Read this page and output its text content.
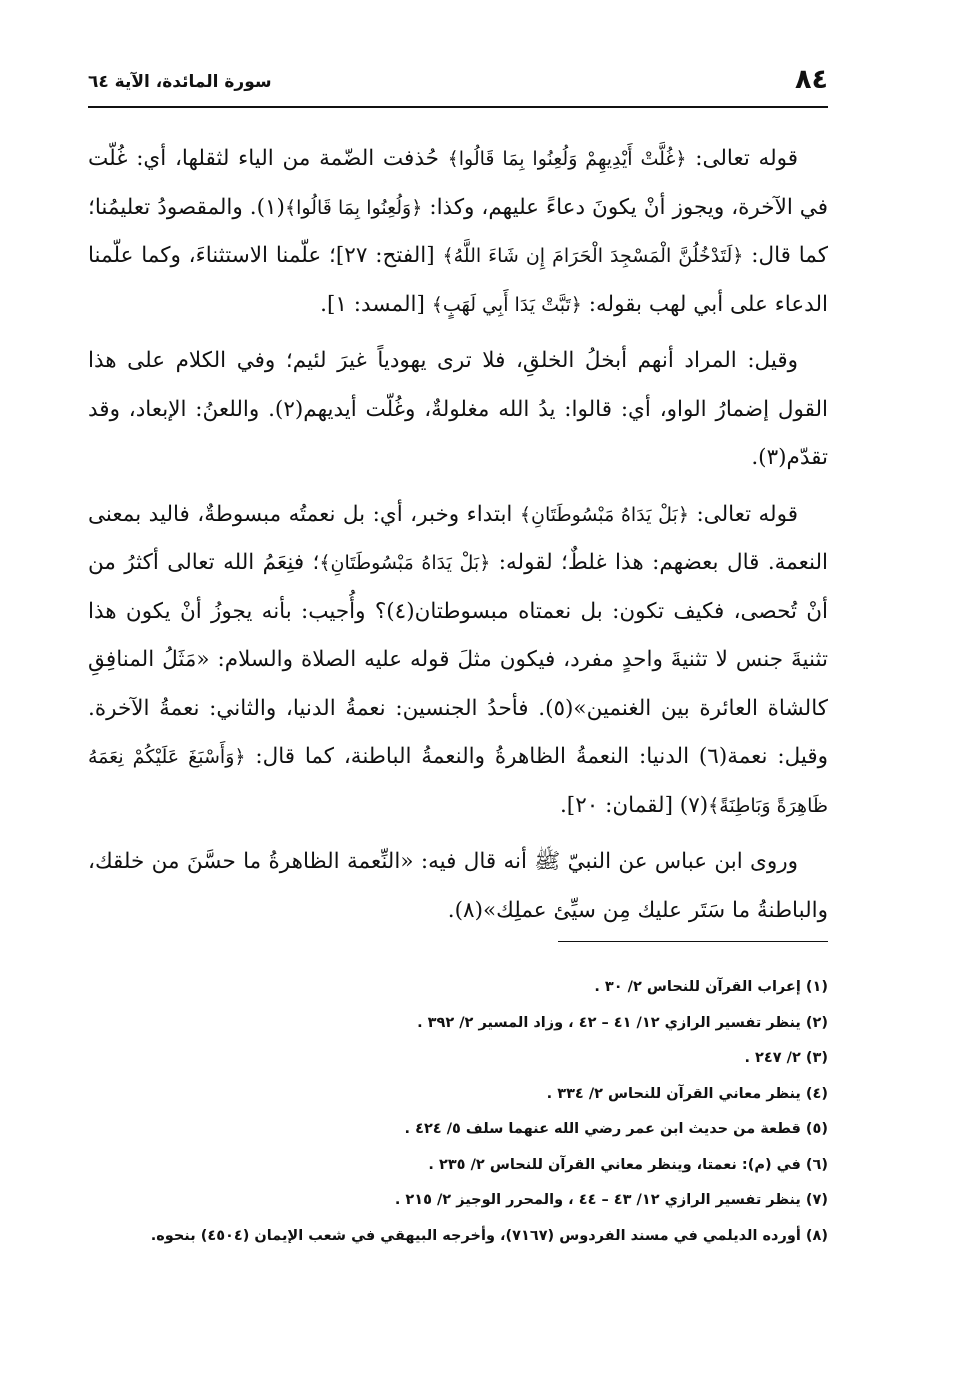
٨٤
سورة المائدة، الآية ٦٤

قوله تعالى: ﴿غُلَّتْ أَيْدِيهِمْ وَلُعِنُوا بِمَا قَالُوا﴾ حُذفت الضّمة من الياء لثقلها، أي: غُلّت في الآخرة، ويجوز أنْ يكونَ دعاءً عليهم، وكذا: ﴿وَلُعِنُوا بِمَا قَالُوا﴾(١). والمقصودُ تعليمُنا؛ كما قال: ﴿لَتَدْخُلُنَّ الْمَسْجِدَ الْحَرَامَ إِن شَاءَ اللَّهُ﴾ [الفتح: ٢٧]؛ علّمنا الاستثناءَ، وكما علّمنا الدعاء على أبي لهب بقوله: ﴿تَبَّتْ يَدَا أَبِي لَهَبٍ﴾ [المسد: ١].

وقيل: المراد أنهم أبخلُ الخلقِ، فلا ترى يهودياً غيرَ لئيم؛ وفي الكلام على هذا القول إضمارُ الواو، أي: قالوا: يدُ الله مغلولةٌ، وغُلّت أيديهم(٢). واللعنُ: الإبعاد، وقد تقدّم(٣).

قوله تعالى: ﴿بَلْ يَدَاهُ مَبْسُوطَتَانِ﴾ ابتداء وخبر، أي: بل نعمتُه مبسوطةٌ، فاليد بمعنى النعمة. قال بعضهم: هذا غلطٌ؛ لقوله: ﴿بَلْ يَدَاهُ مَبْسُوطَتَانِ﴾؛ فنِعَمُ الله تعالى أكثرُ من أنْ تُحصى، فكيف تكون: بل نعمتاه مبسوطتان(٤)؟ وأُجيب: بأنه يجوزُ أنْ يكون هذا تثنيةَ جنس لا تثنيةَ واحدٍ مفرد، فيكون مثلَ قوله عليه الصلاة والسلام: «مَثَلُ المنافِقِ كالشاة العائرة بين الغنمين»(٥). فأحدُ الجنسين: نعمةُ الدنيا، والثاني: نعمةُ الآخرة. وقيل: نعمة(٦) الدنيا: النعمةُ الظاهرةُ والنعمةُ الباطنة، كما قال: ﴿وَأَسْبَغَ عَلَيْكُمْ نِعَمَهُ ظَاهِرَةً وَبَاطِنَةً﴾(٧) [لقمان: ٢٠].

وروى ابن عباس عن النبيّ ﷺ أنه قال فيه: «النِّعمة الظاهرةُ ما حسَّنَ من خلقك، والباطنةُ ما سَتَر عليك مِن سيِّئ عملِك»(٨).

(١) إعراب القرآن للنحاس ٢/ ٣٠ .
(٢) ينظر تفسير الرازي ١٢/ ٤١ – ٤٢ ، وزاد المسير ٢/ ٣٩٢ .
(٣) ٢/ ٢٤٧ .
(٤) ينظر معاني القرآن للنحاس ٢/ ٣٣٤ .
(٥) قطعة من حديث ابن عمر رضي الله عنهما سلف ٥/ ٤٢٤ .
(٦) في (م): نعمتا، وينظر معاني القرآن للنحاس ٢/ ٢٣٥ .
(٧) ينظر تفسير الرازي ١٢/ ٤٣ – ٤٤ ، والمحرر الوجيز ٢/ ٢١٥ .
(٨) أورده الديلمي في مسند الفردوس (٧١٦٧)، وأخرجه البيهقي في شعب الإيمان (٤٥٠٤) بنحوه.
